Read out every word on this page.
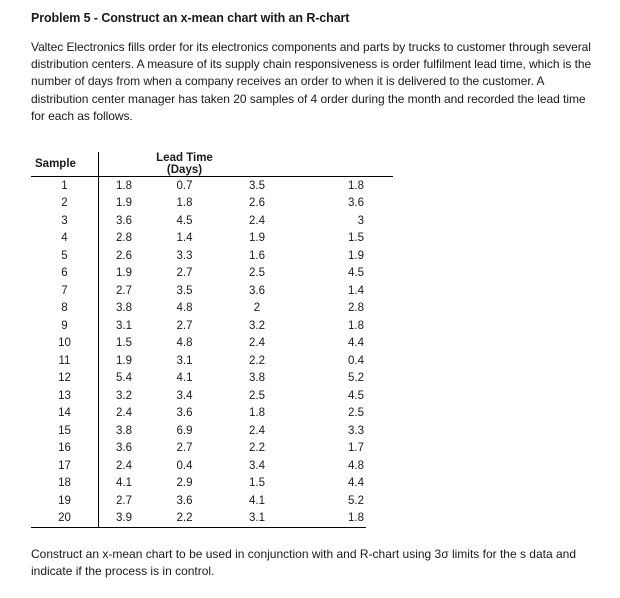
Problem 5 - Construct an x-mean chart with an R-chart
Valtec Electronics fills order for its electronics components and parts by trucks to customer through several distribution centers. A measure of its supply chain responsiveness is order fulfilment lead time, which is the number of days from when a company receives an order to when it is delivered to the customer. A distribution center manager has taken 20 samples of 4 order during the month and recorded the lead time for each as follows.
Sample		Lead Time (Days)			
1	1.8	0.7	3.5	1.8	
2	1.9	1.8	2.6	3.6	
3	3.6	4.5	2.4	3	
4	2.8	1.4	1.9	1.5	
5	2.6	3.3	1.6	1.9	
6	1.9	2.7	2.5	4.5	
7	2.7	3.5	3.6	1.4	
8	3.8	4.8	2	2.8	
9	3.1	2.7	3.2	1.8	
10	1.5	4.8	2.4	4.4	
11	1.9	3.1	2.2	0.4	
12	5.4	4.1	3.8	5.2	
13	3.2	3.4	2.5	4.5	
14	2.4	3.6	1.8	2.5	
15	3.8	6.9	2.4	3.3	
16	3.6	2.7	2.2	1.7	
17	2.4	0.4	3.4	4.8	
18	4.1	2.9	1.5	4.4	
19	2.7	3.6	4.1	5.2	
20	3.9	2.2	3.1	1.8	
Construct an x-mean chart to be used in conjunction with and R-chart using 3σ limits for the s data and indicate if the process is in control.
